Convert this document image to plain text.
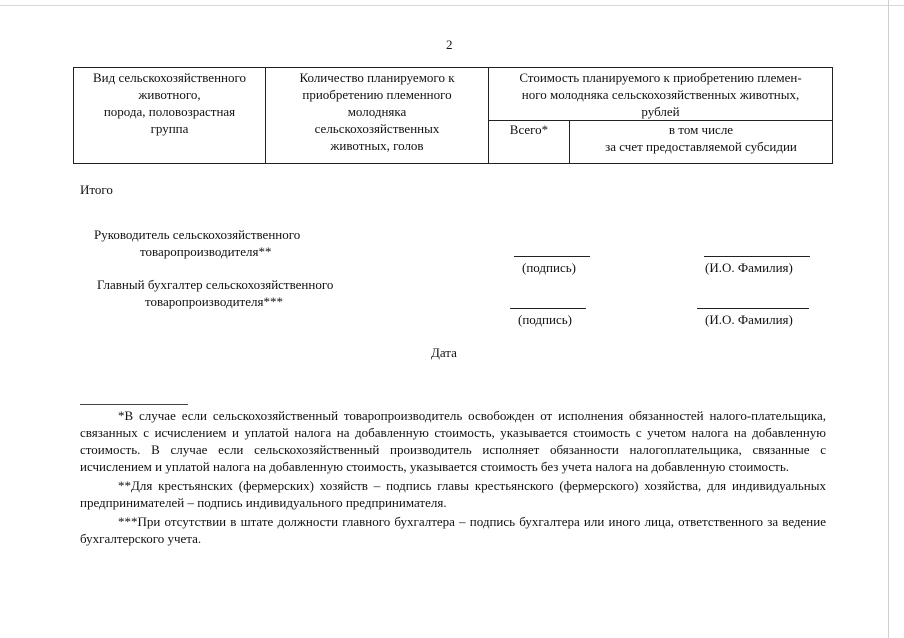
2
Вид сельскохозяйственного
животного,
порода, половозрастная
группа	Количество планируемого к
приобретению племенного
молодняка
сельскохозяйственных
животных, голов	Стоимость планируемого к приобретению племен-
ного молодняка сельскохозяйственных животных,
рублей	

		Всего*	в том числе
за счет предоставляемой субсидии
Итого
Руководитель сельскохозяйственного
товаропроизводителя**
(подпись)	(И.О. Фамилия)
Главный бухгалтер сельскохозяйственного
товаропроизводителя***
(подпись)	(И.О. Фамилия)
Дата

*В случае если сельскохозяйственный товаропроизводитель освобожден от исполнения обязанностей налого-плательщика, связанных с исчислением и уплатой налога на добавленную стоимость, указывается стоимость с учетом налога на добавленную стоимость. В случае если сельскохозяйственный производитель исполняет обязанности налогоплательщика, связанные с исчислением и уплатой налога на добавленную стоимость, указывается стоимость без учета налога на добавленную стоимость.

**Для крестьянских (фермерских) хозяйств – подпись главы крестьянского (фермерского) хозяйства, для индивидуальных предпринимателей – подпись индивидуального предпринимателя.

***При отсутствии в штате должности главного бухгалтера – подпись бухгалтера или иного лица, ответственного за ведение бухгалтерского учета.
